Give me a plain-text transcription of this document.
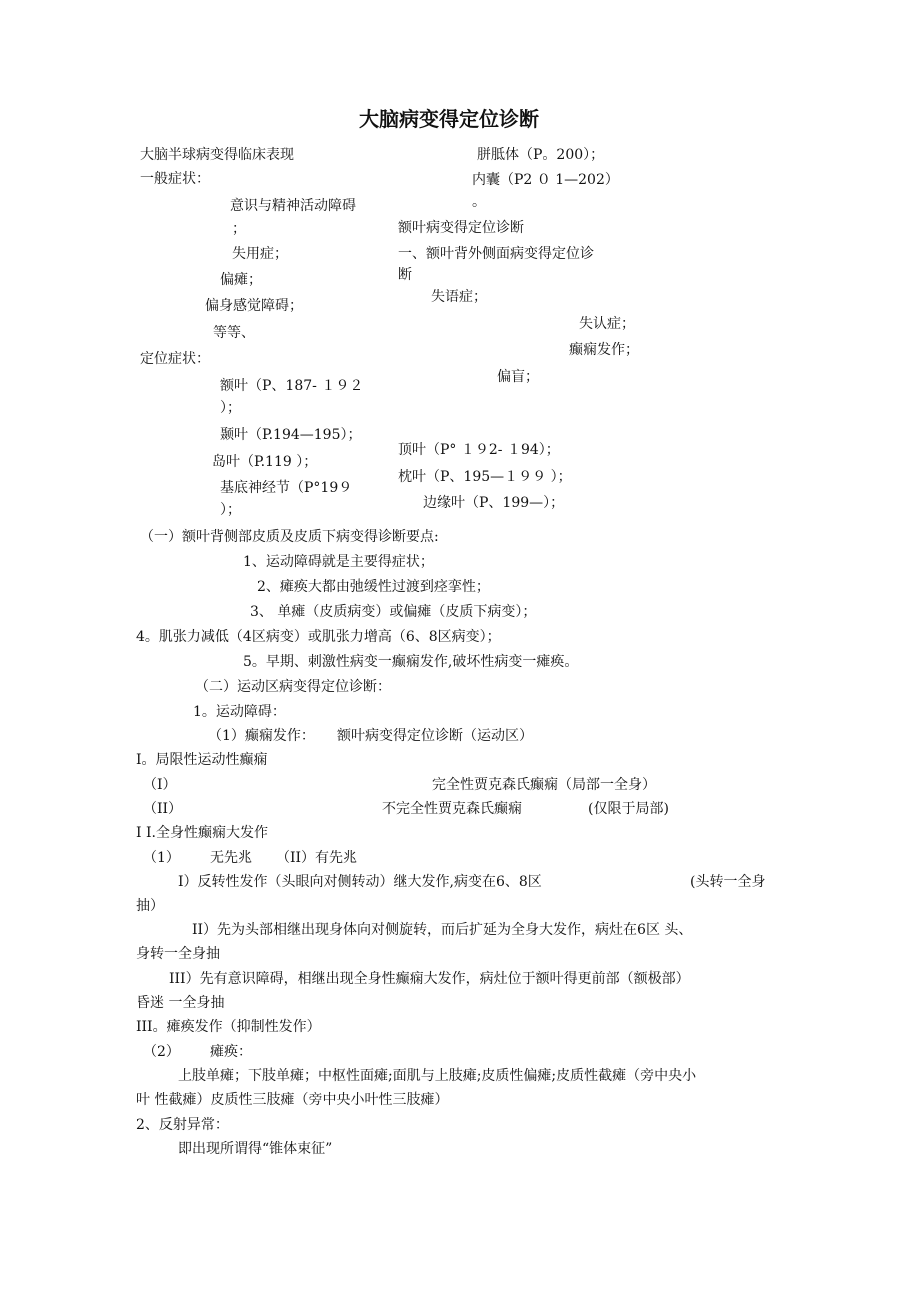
大脑病变得定位诊断
大脑半球病变得临床表现
一般症状：
意识与精神活动障碍
；
失用症；
偏瘫；
偏身感觉障碍；
等等、
定位症状：
额叶（P、187- １９２
）；
颞叶（P.194—195）；
岛叶（P.119 ）；
基底神经节（P°19９
）；
胼胝体（P。200）；
内囊（P2 ０ 1—202）
。
额叶病变得定位诊断
一、额叶背外侧面病变得定位诊
断
失语症；
失认症；
癫痫发作；
偏盲；
顶叶（P° １９2- １94）；
枕叶（P、195—１９９ ）；
边缘叶（P、199—）；
（一）额叶背侧部皮质及皮质下病变得诊断要点:
1、运动障碍就是主要得症状；
2、瘫痪大都由弛缓性过渡到痉挛性；
3、 单瘫（皮质病变）或偏瘫（皮质下病变）；
4。肌张力减低（4区病变）或肌张力增高（6、8区病变）；
5。早期、刺激性病变一癫痫发作,破坏性病变一瘫痪。
（二）运动区病变得定位诊断：
1。运动障碍：
（1）癫痫发作： 额叶病变得定位诊断（运动区）
I。局限性运动性癫痫
（I）	完全性贾克森氏癫痫（局部一全身）
（II）	不完全性贾克森氏癫痫	(仅限于局部)
I I.全身性癫痫大发作
（1） 无先兆 （II）有先兆
I）反转性发作（头眼向对侧转动）继大发作,病变在6、8区	(头转一全身
抽）
II）先为头部相继出现身体向对侧旋转，而后扩延为全身大发作，病灶在6区 头、
身转一全身抽
III）先有意识障碍，相继出现全身性癫痫大发作，病灶位于额叶得更前部（额极部）
昏迷 一全身抽
III。瘫痪发作（抑制性发作）
（2） 瘫痪：
上肢单瘫；下肢单瘫；中枢性面瘫;面肌与上肢瘫;皮质性偏瘫;皮质性截瘫（旁中央小
叶 性截瘫）皮质性三肢瘫（旁中央小叶性三肢瘫）
2、反射异常：
即出现所谓得“锥体束征”
